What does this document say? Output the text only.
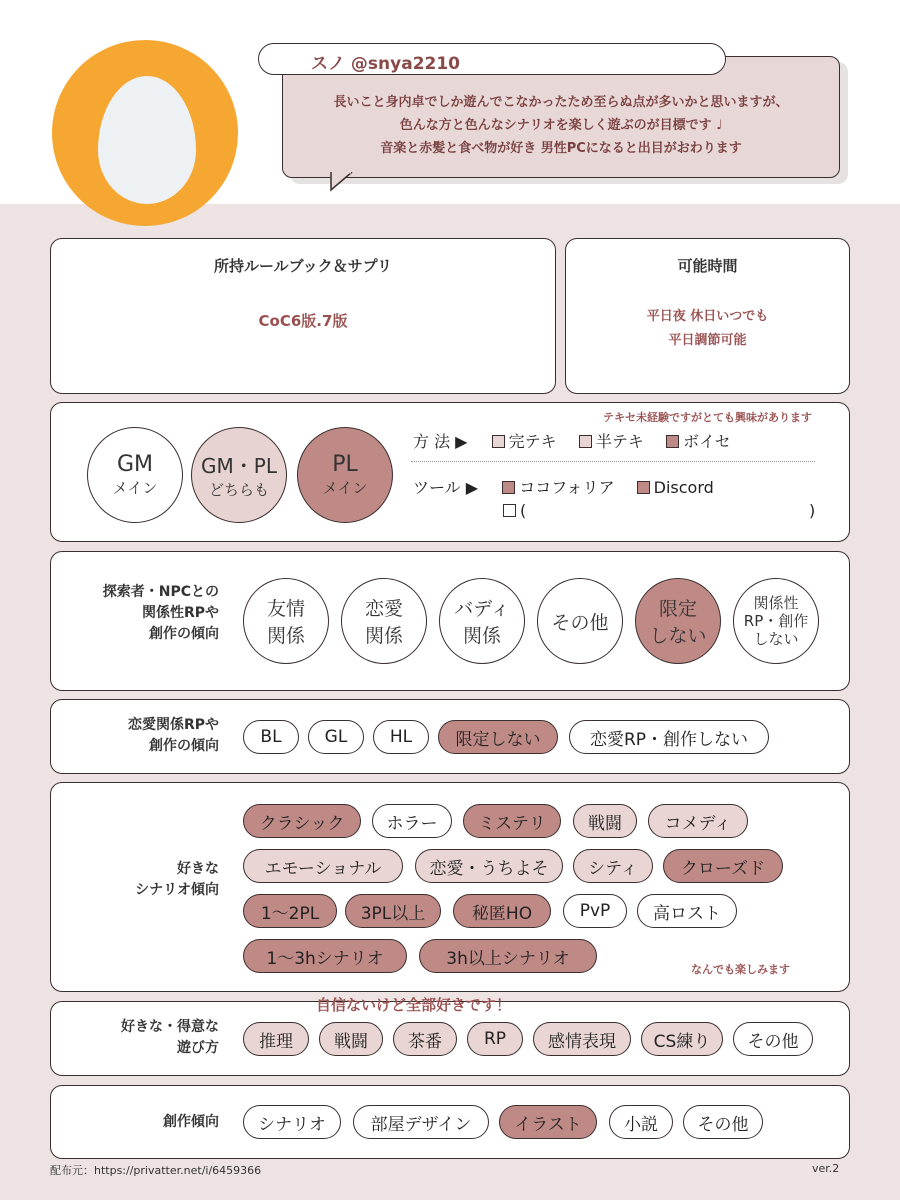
長いこと身内卓でしか遊んでこなかったため至らぬ点が多いかと思いますが、

色んな方と色んなシナリオを楽しく遊ぶのが目標です ♩

音楽と赤髪と食べ物が好き 男性PCになると出目がおわります

スノ @snya2210
所持ルールブック＆サプリ
CoC6版.7版
可能時間
平日夜 休日いつでも
平日調節可能
GM
メイン
GM・PL
どちらも
PL
メイン
テキセ未経験ですがとても興味があります
方 法 ▶	完テキ 半テキ ボイセ
ツール ▶	ココフォリア Discord
(	)
探索者・NPCとの
関係性RPや
創作の傾向
友情
関係
恋愛
関係
バディ
関係
その他
限定
しない
関係性
RP・創作
しない
恋愛関係RPや
創作の傾向	BL	GL	HL	限定しない	恋愛RP・創作しない
好きな
シナリオ傾向
クラシック	ホラー	ミステリ	戦闘	コメディ
エモーショナル	恋愛・うちよそ	シティ	クローズド
1〜2PL	3PL以上	秘匿HO	PvP	高ロスト
1〜3hシナリオ	3h以上シナリオ
なんでも楽しみます
好きな・得意な
遊び方	推理	戦闘	茶番	RP	感情表現	CS練り	その他
自信ないけど全部好きです！
創作傾向	シナリオ	部屋デザイン	イラスト	小説	その他
配布元：https://privatter.net/i/6459366	ver.2
